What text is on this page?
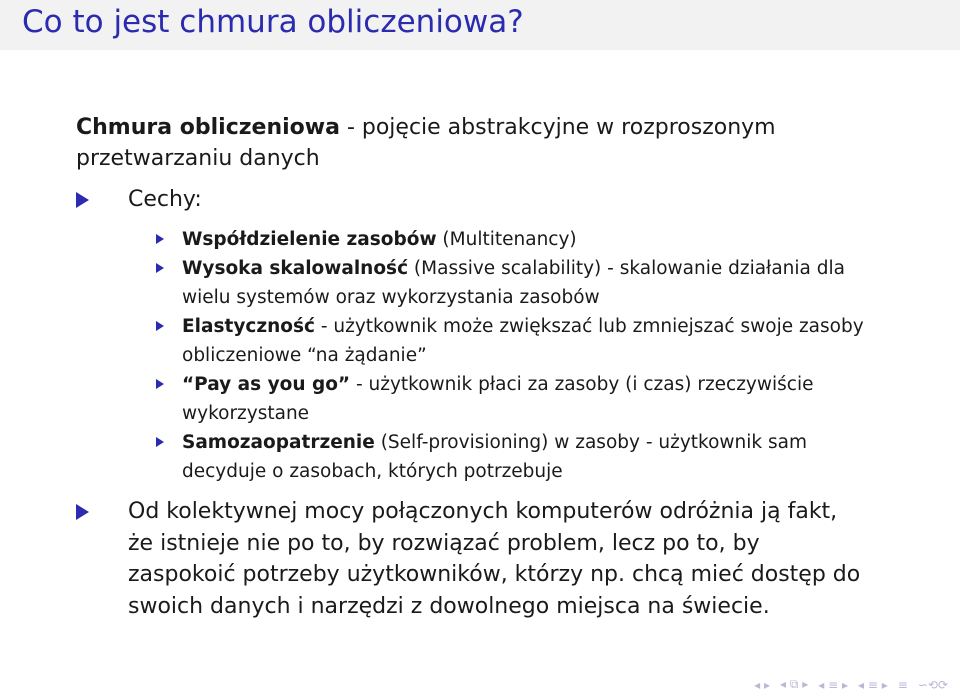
Co to jest chmura obliczeniowa?
Chmura obliczeniowa - pojęcie abstrakcyjne w rozproszonym przetwarzaniu danych
Cechy:
Współdzielenie zasobów (Multitenancy)
Wysoka skalowalność (Massive scalability) - skalowanie działania dla wielu systemów oraz wykorzystania zasobów
Elastyczność - użytkownik może zwiększać lub zmniejszać swoje zasoby obliczeniowe “na żądanie”
“Pay as you go” - użytkownik płaci za zasoby (i czas) rzeczywiście wykorzystane
Samozaopatrzenie (Self-provisioning) w zasoby - użytkownik sam decyduje o zasobach, których potrzebuje
Od kolektywnej mocy połączonych komputerów odróżnia ją fakt, że istnieje nie po to, by rozwiązać problem, lecz po to, by zaspokoić potrzeby użytkowników, którzy np. chcą mieć dostęp do swoich danych i narzędzi z dowolnego miejsca na świecie.
◂ ▸ ◂ ⧉ ▸ ◂ ≡ ▸ ◂ ≡ ▸ ≡ ∽⟲⟳
